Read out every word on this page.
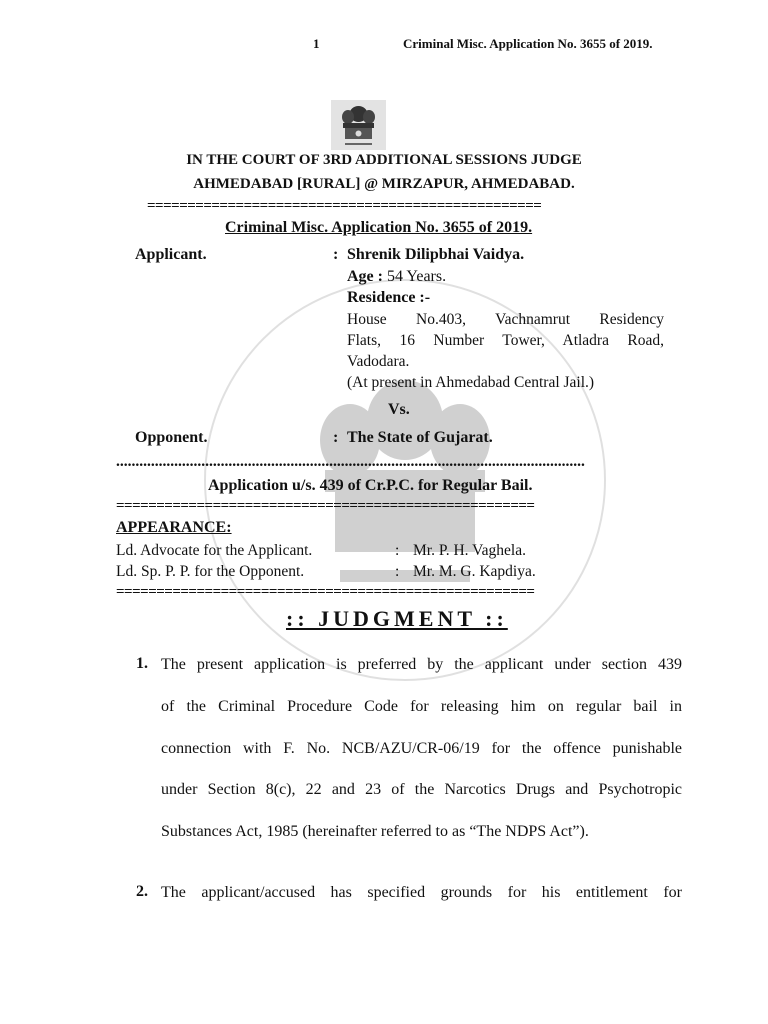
1	Criminal Misc. Application No. 3655 of 2019.
IN THE COURT OF 3RD ADDITIONAL SESSIONS JUDGE
AHMEDABAD [RURAL] @ MIRZAPUR, AHMEDABAD.
=================================================
Criminal Misc. Application No. 3655 of 2019.
Applicant.	: Shrenik Dilipbhai Vaidya.
Age : 54 Years.
Residence :-
House No.403, Vachnamrut Residency
Flats, 16 Number Tower, Atladra Road,
Vadodara.
(At present in Ahmedabad Central Jail.)
Vs.
Opponent.	: The State of Gujarat.
.........................................................................................................................
Application u/s. 439 of Cr.P.C. for Regular Bail.
====================================================
APPEARANCE:
Ld. Advocate for the Applicant.	: Mr. P. H. Vaghela.
Ld. Sp. P. P. for the Opponent.	: Mr. M. G. Kapdiya.
====================================================
:: JUDGMENT ::
1. The present application is preferred by the applicant under section 439
of the Criminal Procedure Code for releasing him on regular bail in
connection with F. No. NCB/AZU/CR-06/19 for the offence punishable
under Section 8(c), 22 and 23 of the Narcotics Drugs and Psychotropic
Substances Act, 1985 (hereinafter referred to as “The NDPS Act”).
2. The applicant/accused has specified grounds for his entitlement for
